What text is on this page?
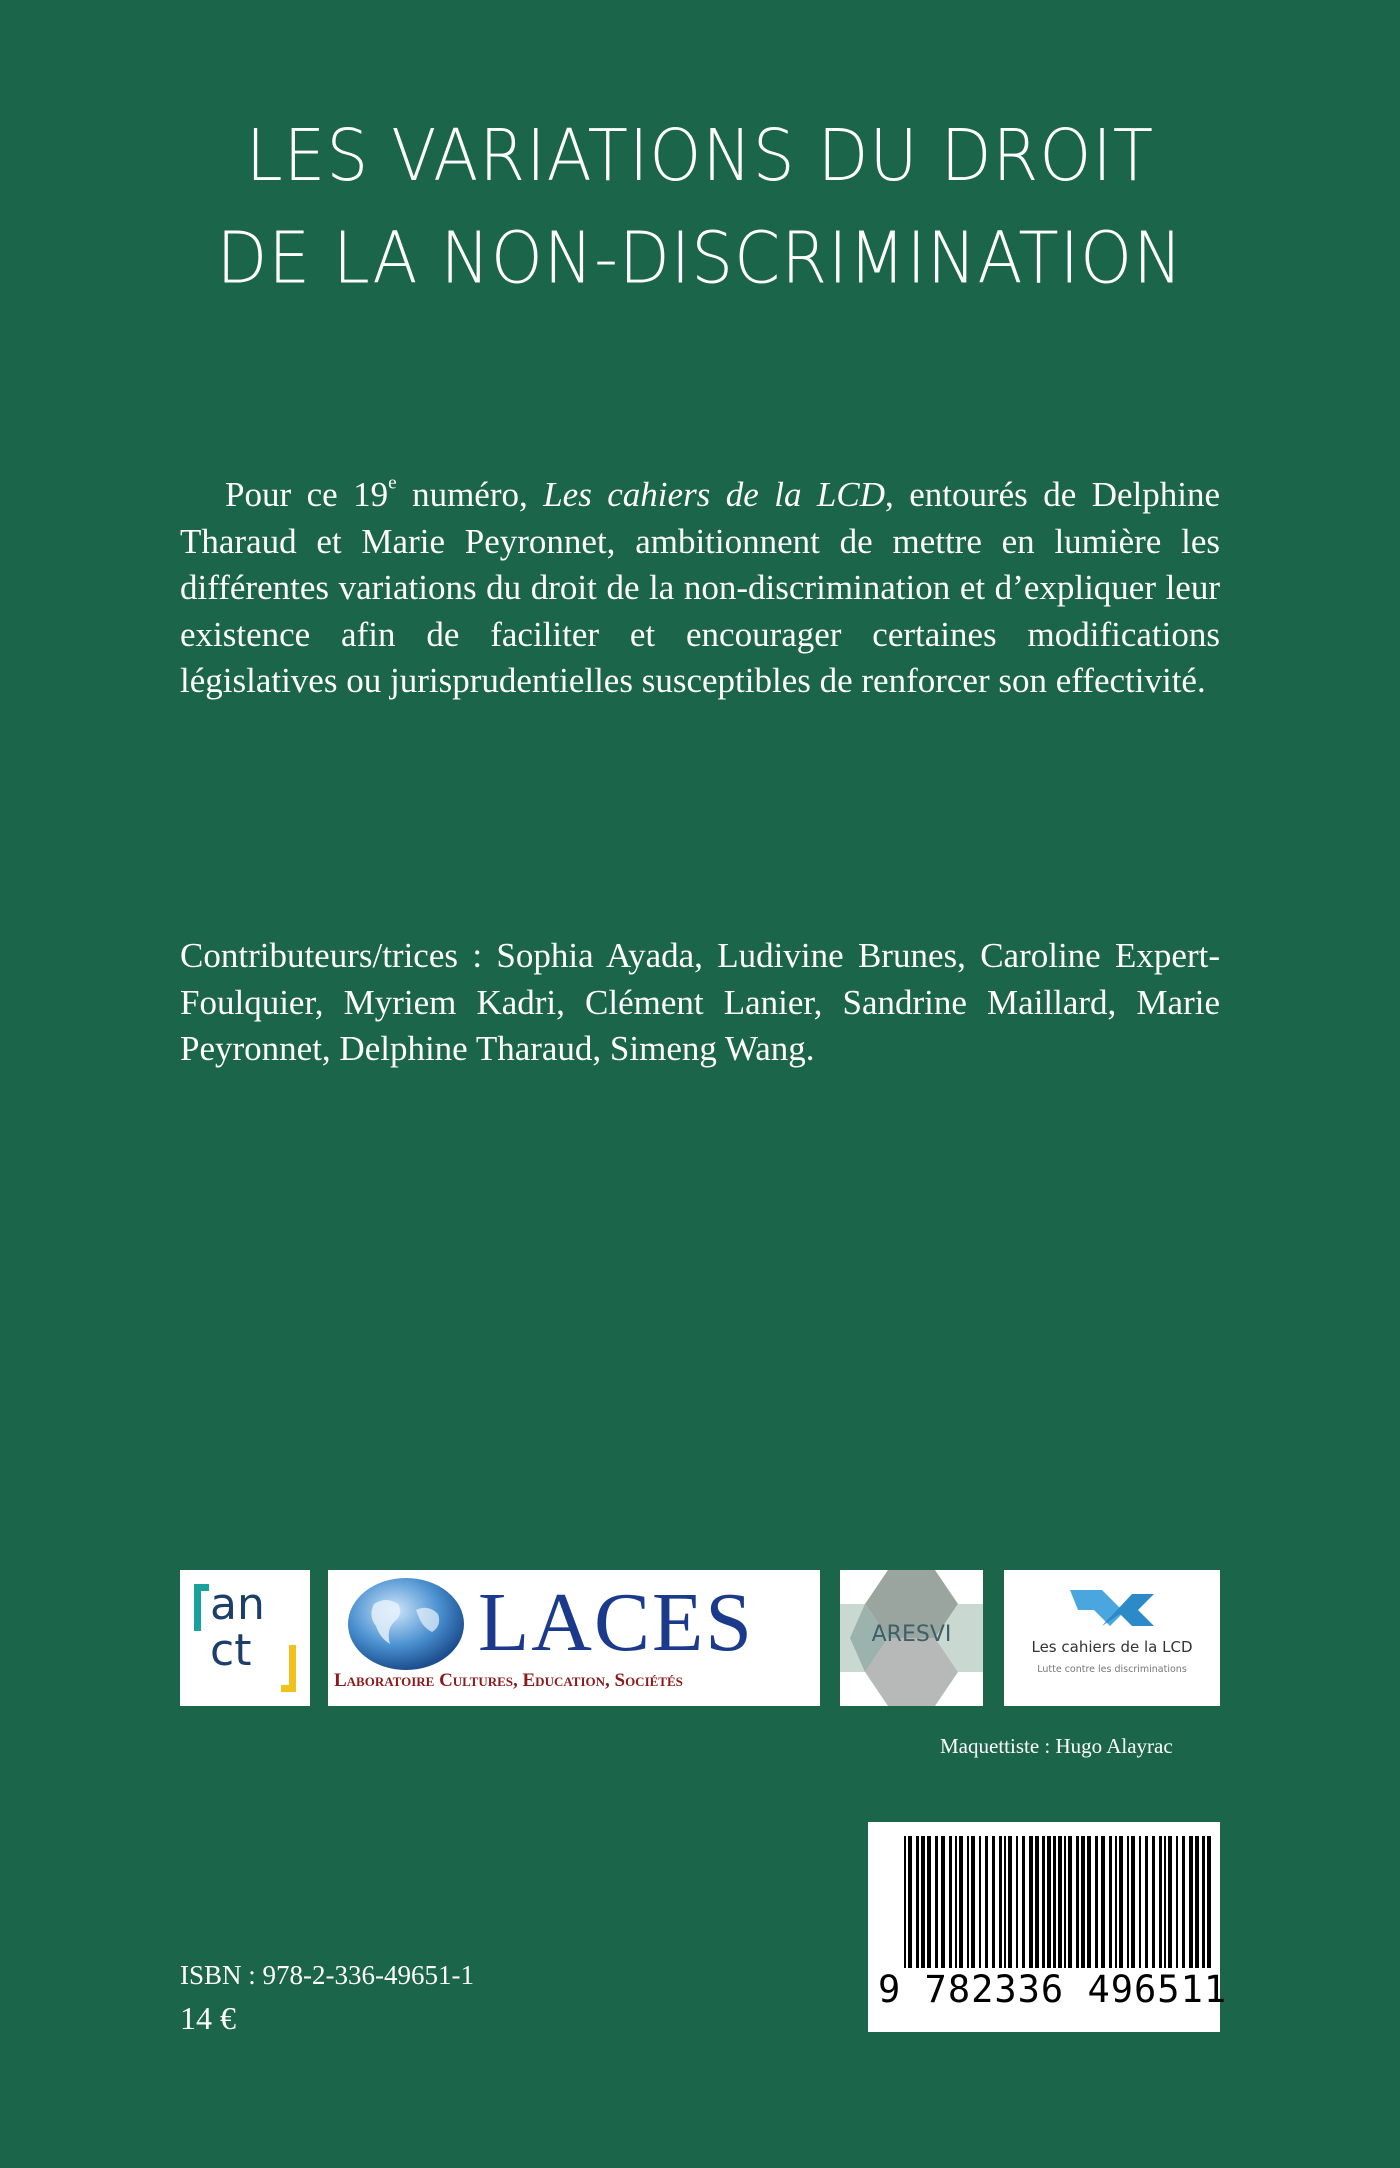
LES VARIATIONS DU DROIT
DE LA NON-DISCRIMINATION

Pour ce 19e numéro, Les cahiers de la LCD, entourés de Delphine Tharaud et Marie Peyronnet, ambitionnent de mettre en lumière les différentes variations du droit de la non-discrimination et d’expliquer leur existence afin de faciliter et encourager certaines modifications législatives ou jurisprudentielles susceptibles de renforcer son effectivité.

Contributeurs/trices : Sophia Ayada, Ludivine Brunes, Caroline Expert-Foulquier, Myriem Kadri, Clément Lanier, Sandrine Maillard, Marie Peyronnet, Delphine Tharaud, Simeng Wang.

an
ct	LACES
Laboratoire Cultures, Education, Sociétés
ARESVI	Les cahiers de la LCD
Lutte contre les discriminations
Maquettiste : Hugo Alayrac
9 782336 496511
ISBN : 978-2-336-49651-1
14 €
